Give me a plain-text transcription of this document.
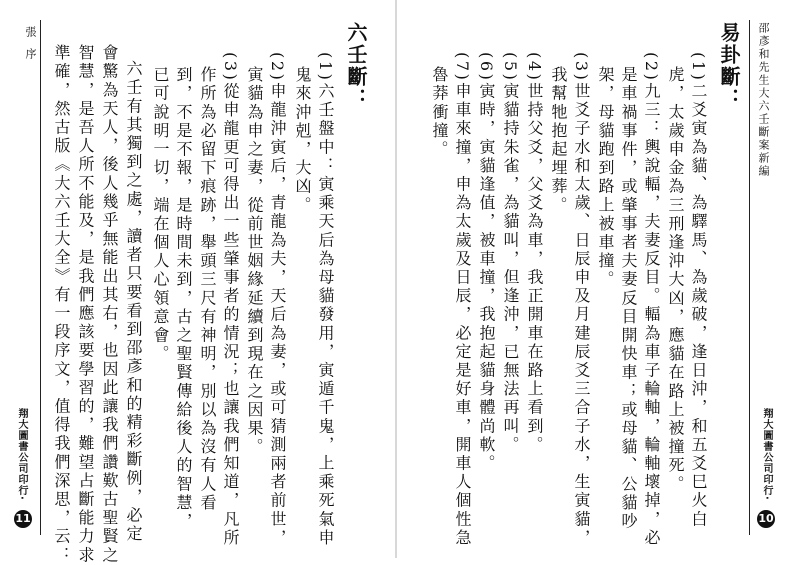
張
序
翔大圖書公司印行·
11
六壬斷：
(1)六壬盤中：寅乘天后為母貓發用，寅遁千鬼，上乘死氣申
鬼來沖剋，大凶。
(2)申龍沖寅后，青龍為夫，天后為妻，或可猜測兩者前世，
寅貓為申之妻，從前世姻緣延續到現在之因果。
(3)從申龍更可得出一些肇事者的情況；也讓我們知道，凡所
作所為必留下痕跡，舉頭三尺有神明，別以為沒有人看
到，不是不報，是時間未到，古之聖賢傳給後人的智慧，
已可說明一切，端在個人心領意會。
六壬有其獨到之處，讀者只要看到邵彥和的精彩斷例，必定
會驚為天人，後人幾乎無能出其右，也因此讓我們讚歎古聖賢之
智慧，是吾人所不能及，是我們應該要學習的，難望占斷能力求
準確，然古版《大六壬大全》有一段序文，值得我們深思，云：	邵彥和先生大六壬斷案新編
翔大圖書公司印行·
10
易卦斷：
(1)二爻寅為貓、為驛馬、為歲破，逢日沖，和五爻巳火白
虎，太歲申金為三刑逢沖大凶，應貓在路上被撞死。
(2)九三：輿說輻，夫妻反目。輻為車子輪軸，輪軸壞掉，必
是車禍事件，或肇事者夫妻反目開快車；或母貓、公貓吵
架，母貓跑到路上被車撞。
(3)世爻子水和太歲、日辰申及月建辰爻三合子水，生寅貓，
我幫牠抱起埋葬。
(4)世持父爻，父爻為車，我正開車在路上看到。
(5)寅貓持朱雀，為貓叫，但逢沖，已無法再叫。
(6)寅時，寅貓逢值，被車撞，我抱起貓身體尚軟。
(7)申車來撞，申為太歲及日辰，必定是好車，開車人個性急
魯莽衝撞。
